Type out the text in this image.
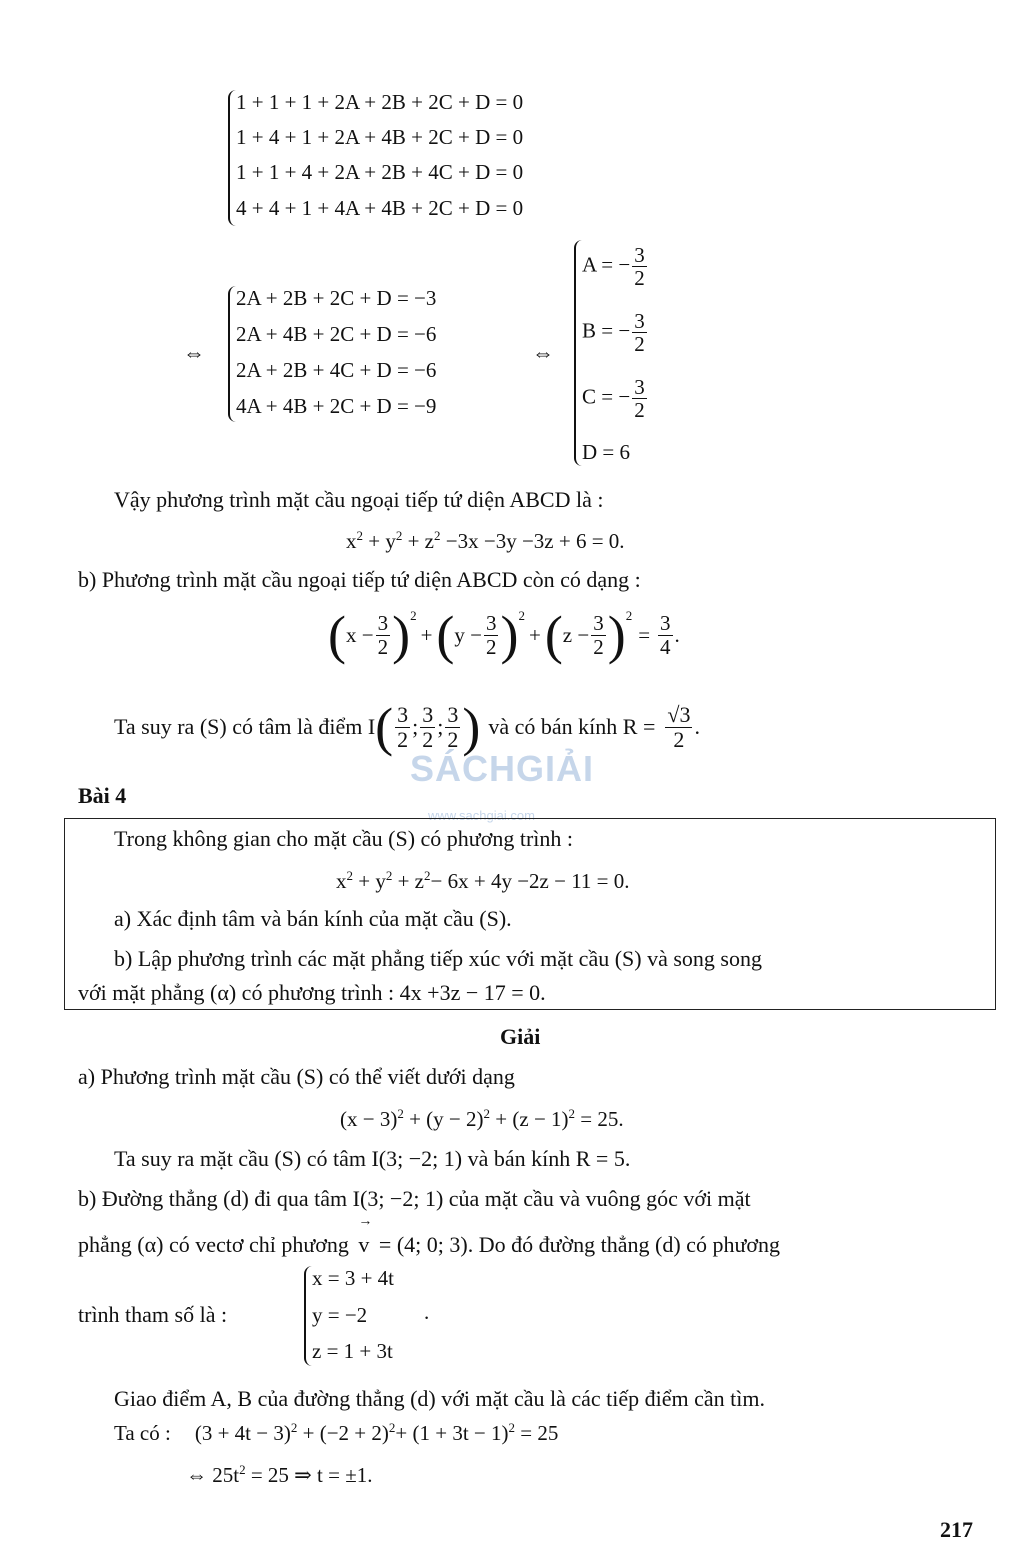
1 + 1 + 1 + 2A + 2B + 2C + D = 0
1 + 4 + 1 + 2A + 4B + 2C + D = 0
1 + 1 + 4 + 2A + 2B + 4C + D = 0
4 + 4 + 1 + 4A + 4B + 2C + D = 0
⇔
2A + 2B + 2C + D = −3
2A + 4B + 2C + D = −6
2A + 2B + 4C + D = −6
4A + 4B + 2C + D = −9
⇔
A = − $\frac{3}{2}$
B = − $\frac{3}{2}$
C = − $\frac{3}{2}$
D = 6
Vậy phương trình mặt cầu ngoại tiếp tứ diện ABCD là :
$x^2 + y^2 + z^2 -3x -3y -3z + 6 = 0$.
b) Phương trình mặt cầu ngoại tiếp tứ diện ABCD còn có dạng :
( $x - \frac{3}{2} )^2$
+ ( $y - \frac{3}{2} )^2$
+ ( $z - \frac{3}{2} )^2$
= $\frac{3}{4}$ .
Ta suy ra (S) có tâm là điểm I ( $\frac{3}{2}$ ; $\frac{3}{2}$ ; $\frac{3}{2}$ ) và có bán kính $R = \frac{√3}{2}$ .
SÁCHGIẢI
www.sachgiai.com
Bài 4
Trong không gian cho mặt cầu (S) có phương trình :
$x^2 + y^2 + z^2- 6x + 4y -2z - 11 = 0$.
a) Xác định tâm và bán kính của mặt cầu (S).
b) Lập phương trình các mặt phẳng tiếp xúc với mặt cầu (S) và song song
với mặt phẳng (α) có phương trình : 4x +3z − 17 = 0.
Giải
a) Phương trình mặt cầu (S) có thể viết dưới dạng
$(x - 3)^2 + (y - 2)^2 + (z - 1)^2 = 25$.
Ta suy ra mặt cầu (S) có tâm I(3; −2; 1) và bán kính R = 5.
b) Đường thẳng (d) đi qua tâm I(3; −2; 1) của mặt cầu và vuông góc với mặt
phẳng (α) có vectơ chỉ phương
→
v = (4; 0; 3). Do đó đường thẳng (d) có phương
trình tham số là :
x = 3 + 4t
y = −2
z = 1 + 3t
.
Giao điểm A, B của đường thẳng (d) với mặt cầu là các tiếp điểm cần tìm.
Ta có : $(3 + 4t - 3)^2 + (-2 + 2)^2+ (1 + 3t - 1)^2 = 25$
⇔ $25t^2 = 25$ ⇒ t = ±1.
217
